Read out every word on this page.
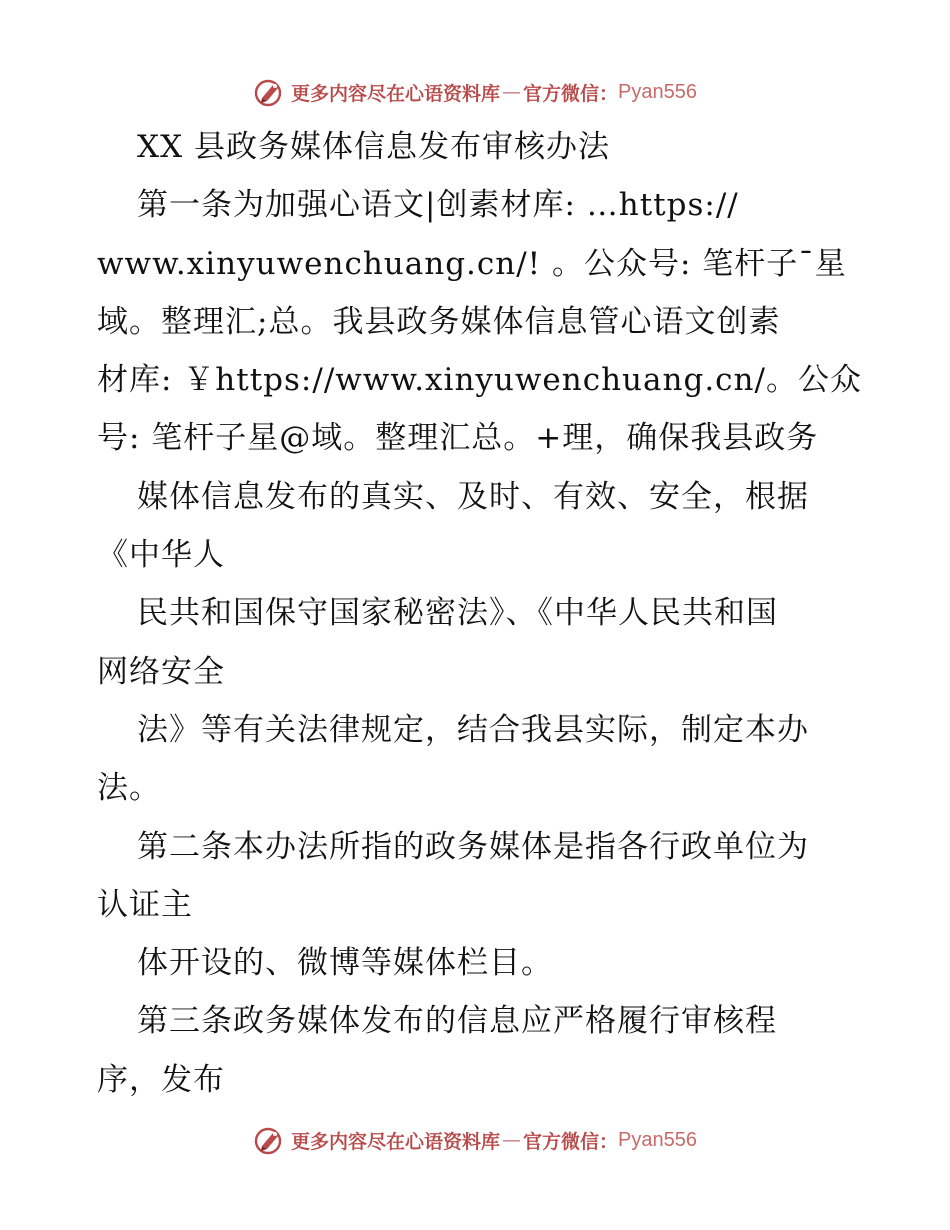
更多内容尽在心语资料库 — 官方微信： Pyan556
XX 县政务媒体信息发布审核办法
第一条为加强心语文|创素材库: …https://
www.xinyuwenchuang.cn/! 。公众号: 笔杆子¯星
域。整理汇;总。我县政务媒体信息管心语文创素
材库: ￥https://www.xinyuwenchuang.cn/。公众
号: 笔杆子星@域。整理汇总。+理，确保我县政务
媒体信息发布的真实、及时、有效、安全，根据
《中华人
民共和国保守国家秘密法》、《中华人民共和国
网络安全
法》等有关法律规定，结合我县实际，制定本办
法。
第二条本办法所指的政务媒体是指各行政单位为
认证主
体开设的、微博等媒体栏目。
第三条政务媒体发布的信息应严格履行审核程
序，发布
更多内容尽在心语资料库 — 官方微信： Pyan556
